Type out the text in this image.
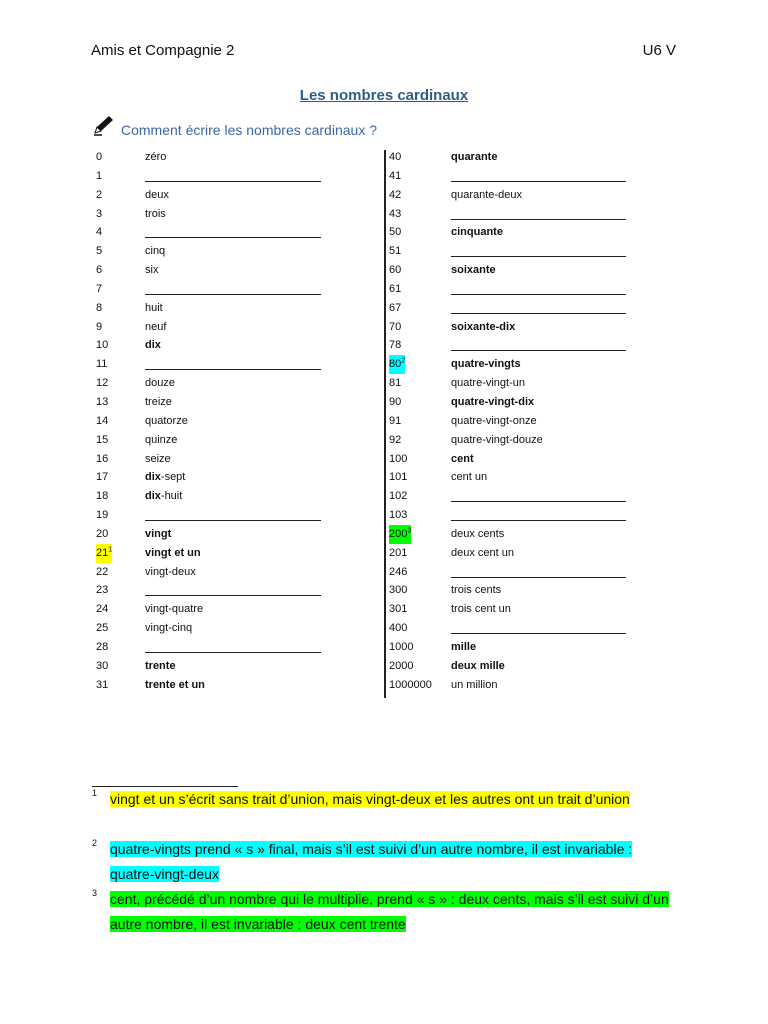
Amis et Compagnie 2	U6 V
Les nombres cardinaux
Comment écrire les nombres cardinaux ?
0	zéro
1
2	deux
3	trois
4
5	cinq
6	six
7
8	huit
9	neuf
10	dix
11
12	douze
13	treize
14	quatorze
15	quinze
16	seize
17	dix-sept
18	dix-huit
19
20	vingt
$21^1$	vingt et un
22	vingt-deux
23
24	vingt-quatre
25	vingt-cinq
28
30	trente
31	trente et un
40	quarante
41
42	quarante-deux
43
50	cinquante
51
60	soixante
61
67
70	soixante-dix
78
$80^2$	quatre-vingts
81	quatre-vingt-un
90	quatre-vingt-dix
91	quatre-vingt-onze
92	quatre-vingt-douze
100	cent
101	cent un
102
103
$200^3$	deux cents
201	deux cent un
246
300	trois cents
301	trois cent un
400
1000	mille
2000	deux mille
1000000 un million
1 vingt et un s’écrit sans trait d’union, mais vingt-deux et les autres ont un trait d’union
2 quatre-vingts prend « s » final, mais s’il est suivi d’un autre nombre, il est invariable : quatre-vingt-deux
3 cent, précédé d’un nombre qui le multiplie, prend « s » : deux cents, mais s’il est suivi d’un autre nombre, il est invariable : deux cent trente
